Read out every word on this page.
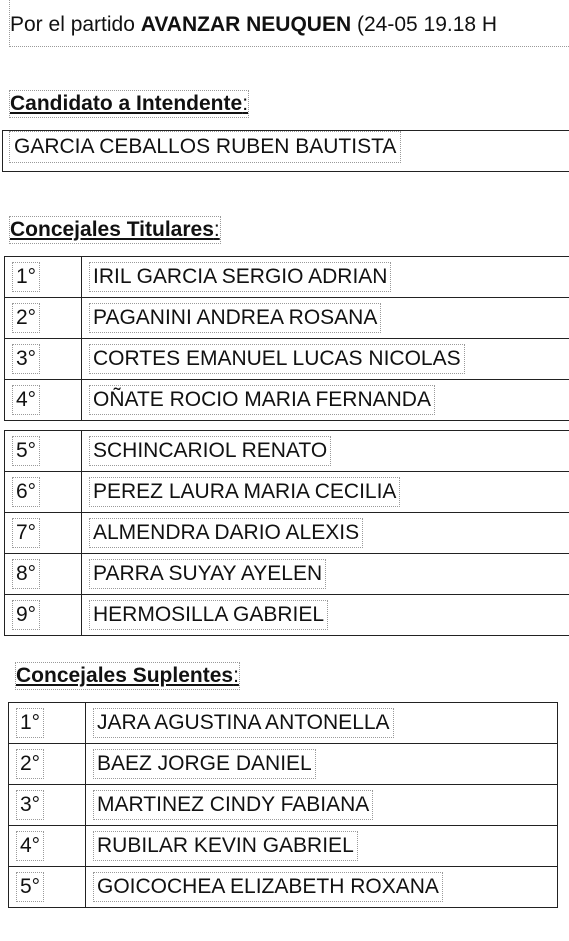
Por el partido AVANZAR NEUQUEN (24-05 19.18 H
Candidato a Intendente:
GARCIA CEBALLOS RUBEN BAUTISTA
Concejales Titulares:
1°	IRIL GARCIA SERGIO ADRIAN
2°	PAGANINI ANDREA ROSANA
3°	CORTES EMANUEL LUCAS NICOLAS
4°	OÑATE ROCIO MARIA FERNANDA
5°	SCHINCARIOL RENATO
6°	PEREZ LAURA MARIA CECILIA
7°	ALMENDRA DARIO ALEXIS
8°	PARRA SUYAY AYELEN
9°	HERMOSILLA GABRIEL
Concejales Suplentes:
1°	JARA AGUSTINA ANTONELLA
2°	BAEZ JORGE DANIEL
3°	MARTINEZ CINDY FABIANA
4°	RUBILAR KEVIN GABRIEL
5°	GOICOCHEA ELIZABETH ROXANA
